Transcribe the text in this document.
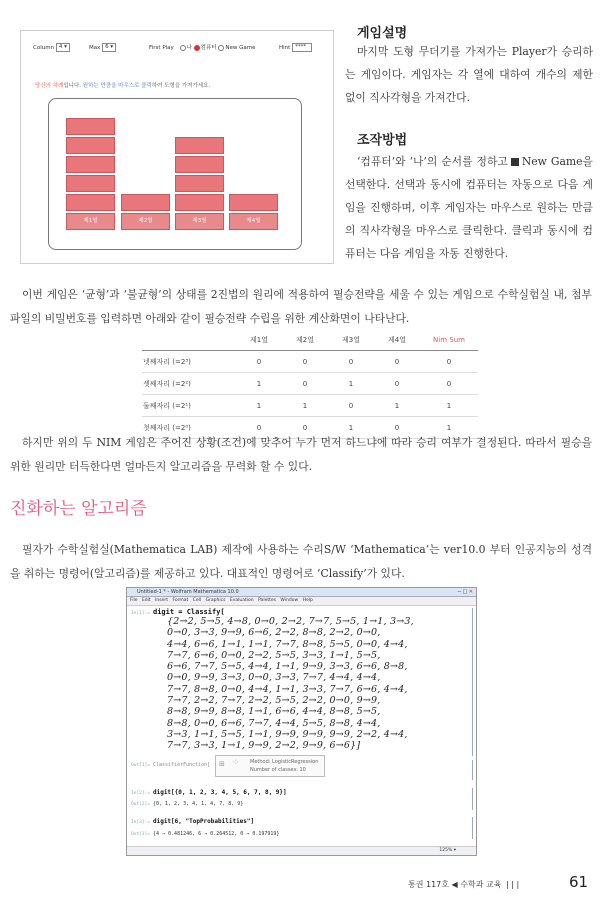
Column 4 ▾	Max 6 ▾	First Play 나 컴퓨터 New Game	Hint ****
당신의 차례입니다. 원하는 만큼을 마우스로 클릭하여 도형을 가져가세요.
제1열	제2열	제3열	제4열
게임설명
마지막 도형 무더기를 가져가는 Player가 승리하는 게임이다. 게임자는 각 열에 대하여 개수의 제한 없이 직사각형을 가져간다.
조작방법
‘컴퓨터’와 ‘나’의 순서를 정하고 New Game을 선택한다. 선택과 동시에 컴퓨터는 자동으로 다음 게임을 진행하며, 이후 게임자는 마우스로 원하는 만큼의 직사각형을 마우스로 클릭한다. 클릭과 동시에 컴퓨터는 다음 게임을 자동 진행한다.
이번 게임은 ‘균형’과 ‘불균형’의 상태를 2진법의 원리에 적용하여 필승전략을 세울 수 있는 게임으로 수학실험실 내, 첨부파일의 비밀번호를 입력하면 아래와 같이 필승전략 수립을 위한 계산화면이 나타난다.
	제1열	제2열	제3열	제4열	Nim Sum
넷째자리 (=2³)	0	0	0	0	0
셋째자리 (=2²)	1	0	1	0	0
둘째자리 (=2¹)	1	1	0	1	1
첫째자리 (=2⁰)	0	0	1	0	1
하지만 위의 두 NIM 게임은 주어진 상황(조건)에 맞추어 누가 먼저 하느냐에 따라 승리 여부가 결정된다. 따라서 필승을 위한 원리만 터득한다면 얼마든지 알고리즘을 무력화 할 수 있다.
진화하는 알고리즘
필자가 수학실험실(Mathematica LAB) 제작에 사용하는 수리S/W ‘Mathematica’는 ver10.0 부터 인공지능의 성격을 취하는 명령어(알고리즘)를 제공하고 있다. 대표적인 명령어로 ‘Classify’가 있다.
Untitled-1 * - Wolfram Mathematica 10.0	─ □ ✕
File Edit Insert Format Cell Graphics Evaluation Palettes Window Help
In[1]:= digit = Classify[
{2→2, 5→5, 4→8, 0→0, 2→2, 7→7, 5→5, 1→1, 3→3,
0→0, 3→3, 9→9, 6→6, 2→2, 8→8, 2→2, 0→0,
4→4, 6→6, 1→1, 1→1, 7→7, 8→8, 5→5, 0→0, 4→4,
7→7, 6→6, 0→0, 2→2, 5→5, 3→3, 1→1, 5→5,
6→6, 7→7, 5→5, 4→4, 1→1, 9→9, 3→3, 6→6, 8→8,
0→0, 9→9, 3→3, 0→0, 3→3, 7→7, 4→4, 4→4,
7→7, 8→8, 0→0, 4→4, 1→1, 3→3, 7→7, 6→6, 4→4,
7→7, 2→2, 7→7, 2→2, 5→5, 2→2, 0→0, 9→9,
8→8, 9→9, 8→8, 1→1, 6→6, 4→4, 8→8, 5→5,
8→8, 0→0, 6→6, 7→7, 4→4, 5→5, 8→8, 4→4,
3→3, 1→1, 5→5, 1→1, 9→9, 9→9, 9→9, 2→2, 4→4,
7→7, 3→3, 1→1, 9→9, 2→2, 9→9, 6→6}]
Out[1]= ClassifierFunction[ ⊞ ⁘ Method: LogisticRegression
Number of classes: 10
In[2]:= digit[{0, 1, 2, 3, 4, 5, 6, 7, 8, 9}]
Out[2]= {0, 1, 2, 3, 4, 1, 4, 7, 8, 9}
In[3]:= digit[6, "TopProbabilities"]
Out[3]= {4 → 0.481246, 6 → 0.264512, 0 → 0.197919}
125% ▾
통권 117호 ◀ 수학과 교육 | | |	61
